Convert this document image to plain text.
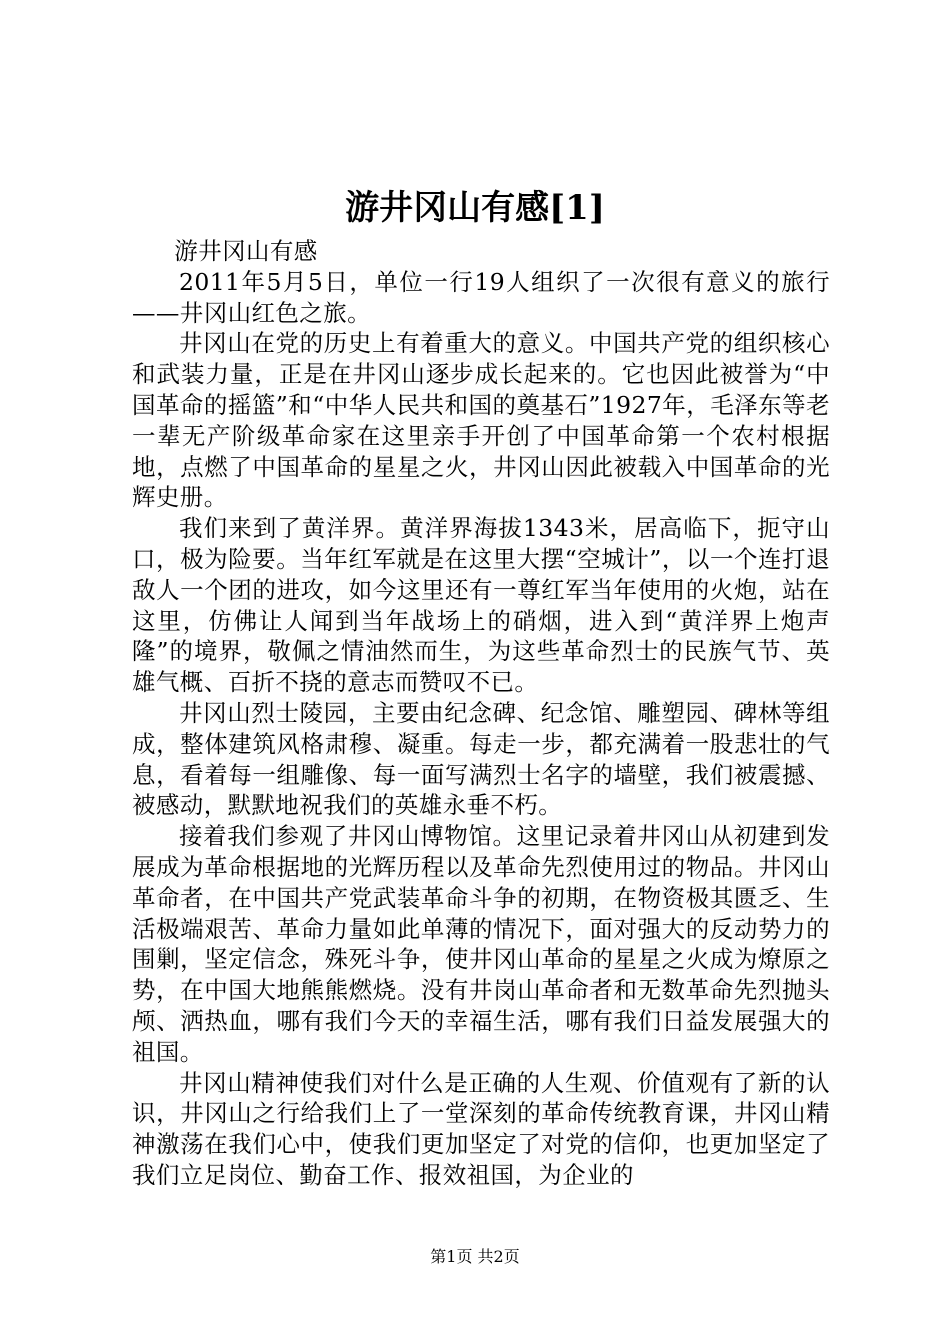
游井冈山有感[1]

游井冈山有感

2011年5月5日，单位一行19人组织了一次很有意义的旅行——井冈山红色之旅。

井冈山在党的历史上有着重大的意义。中国共产党的组织核心和武装力量，正是在井冈山逐步成长起来的。它也因此被誉为“中国革命的摇篮”和“中华人民共和国的奠基石”1927年，毛泽东等老一辈无产阶级革命家在这里亲手开创了中国革命第一个农村根据地，点燃了中国革命的星星之火，井冈山因此被载入中国革命的光辉史册。

我们来到了黄洋界。黄洋界海拔1343米，居高临下，扼守山口，极为险要。当年红军就是在这里大摆“空城计”，以一个连打退敌人一个团的进攻，如今这里还有一尊红军当年使用的火炮，站在这里，仿佛让人闻到当年战场上的硝烟，进入到“黄洋界上炮声隆”的境界，敬佩之情油然而生，为这些革命烈士的民族气节、英雄气概、百折不挠的意志而赞叹不已。

井冈山烈士陵园，主要由纪念碑、纪念馆、雕塑园、碑林等组成，整体建筑风格肃穆、凝重。每走一步，都充满着一股悲壮的气息，看着每一组雕像、每一面写满烈士名字的墙壁，我们被震撼、被感动，默默地祝我们的英雄永垂不朽。

接着我们参观了井冈山博物馆。这里记录着井冈山从初建到发展成为革命根据地的光辉历程以及革命先烈使用过的物品。井冈山革命者，在中国共产党武装革命斗争的初期，在物资极其匮乏、生活极端艰苦、革命力量如此单薄的情况下，面对强大的反动势力的围剿，坚定信念，殊死斗争，使井冈山革命的星星之火成为燎原之势，在中国大地熊熊燃烧。没有井岗山革命者和无数革命先烈抛头颅、洒热血，哪有我们今天的幸福生活，哪有我们日益发展强大的祖国。

井冈山精神使我们对什么是正确的人生观、价值观有了新的认识，井冈山之行给我们上了一堂深刻的革命传统教育课，井冈山精神激荡在我们心中，使我们更加坚定了对党的信仰，也更加坚定了我们立足岗位、勤奋工作、报效祖国，为企业的

第1页 共2页
